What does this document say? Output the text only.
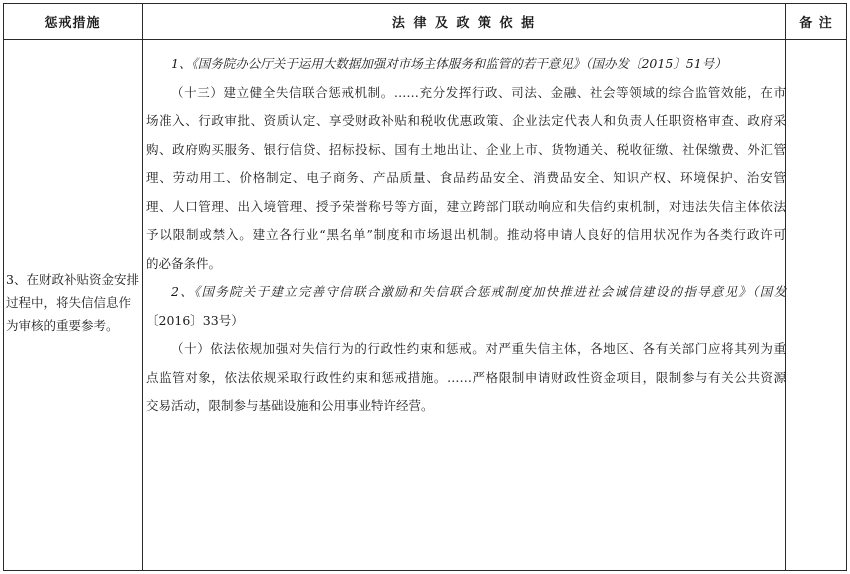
惩戒措施	法 律 及 政 策 依 据	备 注
3、在财政补贴资金安排
过程中，将失信信息作
为审核的重要参考。
1、《国务院办公厅关于运用大数据加强对市场主体服务和监管的若干意见》（国办发〔2015〕51号）
（十三）建立健全失信联合惩戒机制。……充分发挥行政、司法、金融、社会等领域的综合监管效能，在市
场准入、行政审批、资质认定、享受财政补贴和税收优惠政策、企业法定代表人和负责人任职资格审查、政府采
购、政府购买服务、银行信贷、招标投标、国有土地出让、企业上市、货物通关、税收征缴、社保缴费、外汇管
理、劳动用工、价格制定、电子商务、产品质量、食品药品安全、消费品安全、知识产权、环境保护、治安管
理、人口管理、出入境管理、授予荣誉称号等方面，建立跨部门联动响应和失信约束机制，对违法失信主体依法
予以限制或禁入。建立各行业“黑名单”制度和市场退出机制。推动将申请人良好的信用状况作为各类行政许可
的必备条件。
2、《国务院关于建立完善守信联合激励和失信联合惩戒制度加快推进社会诚信建设的指导意见》（国发
〔2016〕33号）
（十）依法依规加强对失信行为的行政性约束和惩戒。对严重失信主体，各地区、各有关部门应将其列为重
点监管对象，依法依规采取行政性约束和惩戒措施。……严格限制申请财政性资金项目，限制参与有关公共资源
交易活动，限制参与基础设施和公用事业特许经营。
